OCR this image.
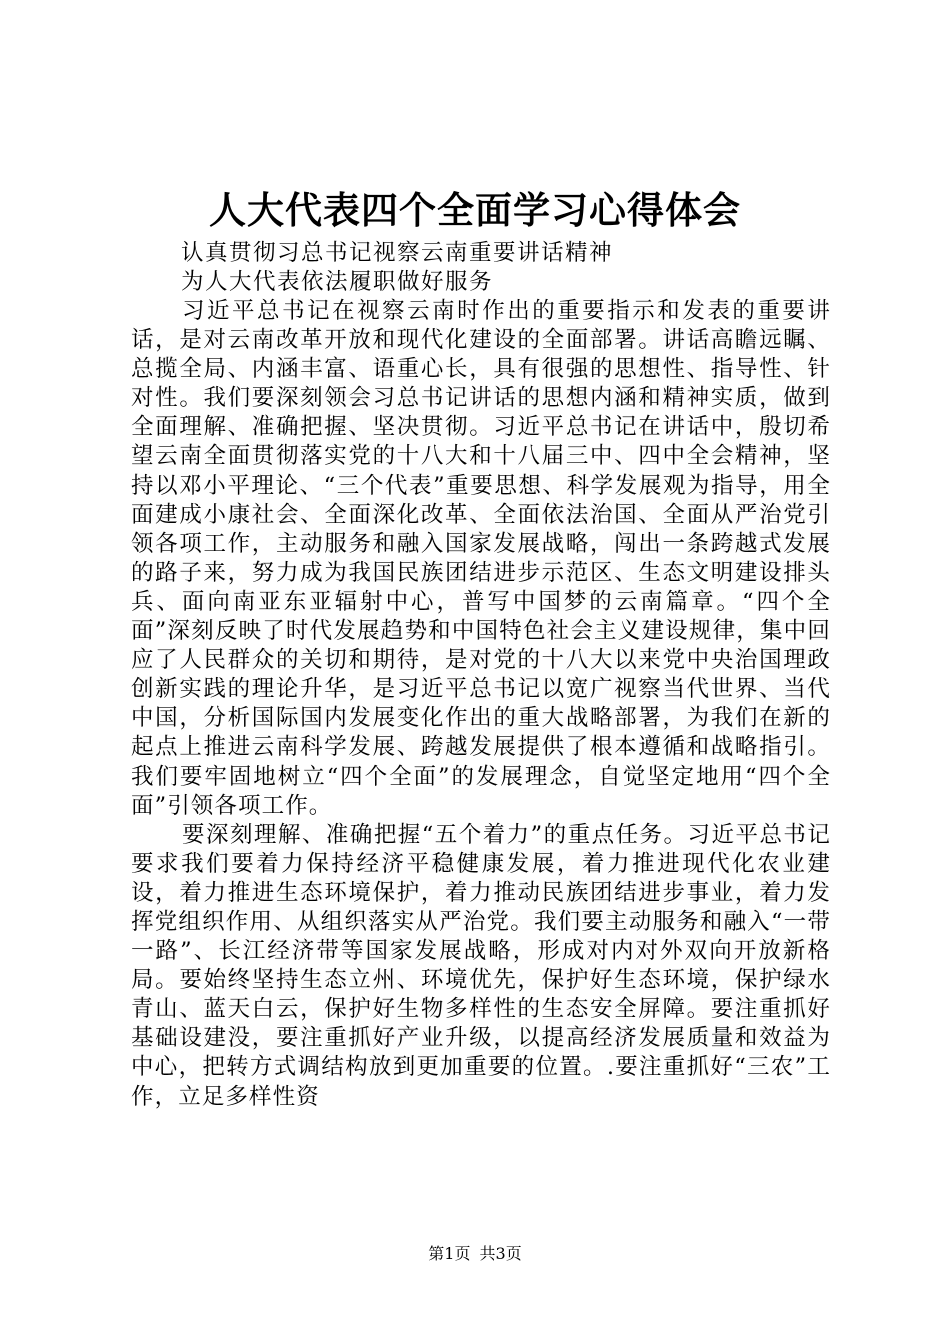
人大代表四个全面学习心得体会
认真贯彻习总书记视察云南重要讲话精神
为人大代表依法履职做好服务

习近平总书记在视察云南时作出的重要指示和发表的重要讲话，是对云南改革开放和现代化建设的全面部署。讲话高瞻远瞩、总揽全局、内涵丰富、语重心长，具有很强的思想性、指导性、针对性。我们要深刻领会习总书记讲话的思想内涵和精神实质，做到全面理解、准确把握、坚决贯彻。习近平总书记在讲话中，殷切希望云南全面贯彻落实党的十八大和十八届三中、四中全会精神，坚持以邓小平理论、“三个代表”重要思想、科学发展观为指导，用全面建成小康社会、全面深化改革、全面依法治国、全面从严治党引领各项工作，主动服务和融入国家发展战略，闯出一条跨越式发展的路子来，努力成为我国民族团结进步示范区、生态文明建设排头兵、面向南亚东亚辐射中心，普写中国梦的云南篇章。“四个全面”深刻反映了时代发展趋势和中国特色社会主义建设规律，集中回应了人民群众的关切和期待，是对党的十八大以来党中央治国理政创新实践的理论升华，是习近平总书记以宽广视察当代世界、当代中国，分析国际国内发展变化作出的重大战略部署，为我们在新的起点上推进云南科学发展、跨越发展提供了根本遵循和战略指引。我们要牢固地树立“四个全面”的发展理念，自觉坚定地用“四个全面”引领各项工作。

要深刻理解、准确把握“五个着力”的重点任务。习近平总书记要求我们要着力保持经济平稳健康发展，着力推进现代化农业建设，着力推进生态环境保护，着力推动民族团结进步事业，着力发挥党组织作用、从组织落实从严治党。我们要主动服务和融入“一带一路”、长江经济带等国家发展战略，形成对内对外双向开放新格局。要始终坚持生态立州、环境优先，保护好生态环境，保护绿水青山、蓝天白云，保护好生物多样性的生态安全屏障。要注重抓好基础设建没，要注重抓好产业升级，以提高经济发展质量和效益为中心，把转方式调结构放到更加重要的位置。.要注重抓好“三农”工作，立足多样性资

第1页 共3页
